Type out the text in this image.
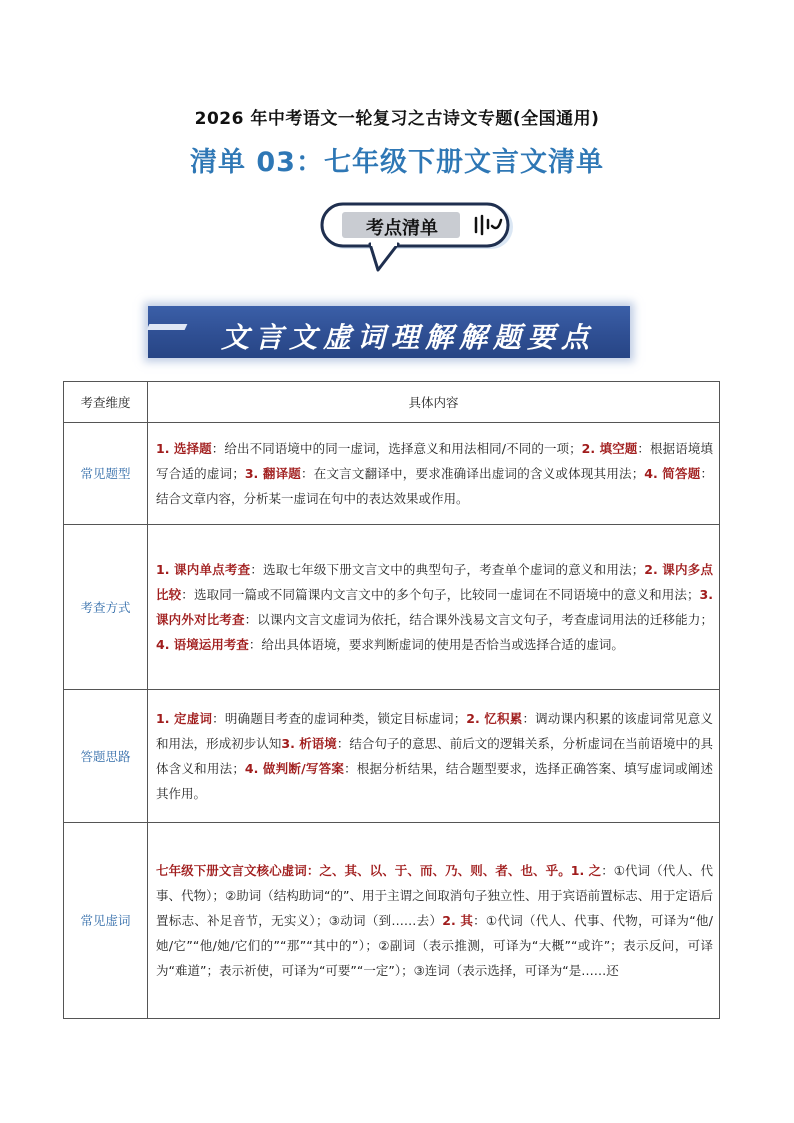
2026 年中考语文一轮复习之古诗文专题(全国通用)
清单 03：七年级下册文言文清单
考点清单
文言文虚词理解解题要点
考查维度	具体内容
常见题型	1. 选择题：给出不同语境中的同一虚词，选择意义和用法相同/不同的一项；2. 填空题：根据语境填写合适的虚词；3. 翻译题：在文言文翻译中，要求准确译出虚词的含义或体现其用法；4. 简答题：结合文章内容，分析某一虚词在句中的表达效果或作用。
考查方式	1. 课内单点考查：选取七年级下册文言文中的典型句子，考查单个虚词的意义和用法；2. 课内多点比较：选取同一篇或不同篇课内文言文中的多个句子，比较同一虚词在不同语境中的意义和用法；3. 课内外对比考查：以课内文言文虚词为依托，结合课外浅易文言文句子，考查虚词用法的迁移能力；4. 语境运用考查：给出具体语境，要求判断虚词的使用是否恰当或选择合适的虚词。
答题思路	1. 定虚词：明确题目考查的虚词种类，锁定目标虚词；2. 忆积累：调动课内积累的该虚词常见意义和用法，形成初步认知3. 析语境：结合句子的意思、前后文的逻辑关系，分析虚词在当前语境中的具体含义和用法；4. 做判断/写答案：根据分析结果，结合题型要求，选择正确答案、填写虚词或阐述其作用。
常见虚词	七年级下册文言文核心虚词：之、其、以、于、而、乃、则、者、也、乎。1. 之：①代词（代人、代事、代物）；②助词（结构助词“的”、用于主谓之间取消句子独立性、用于宾语前置标志、用于定语后置标志、补足音节，无实义）；③动词（到……去）2. 其：①代词（代人、代事、代物，可译为“他/她/它”“他/她/它们的”“那”“其中的”）；②副词（表示推测，可译为“大概”“或许”；表示反问，可译为“难道”；表示祈使，可译为“可要”“一定”）；③连词（表示选择，可译为“是……还
